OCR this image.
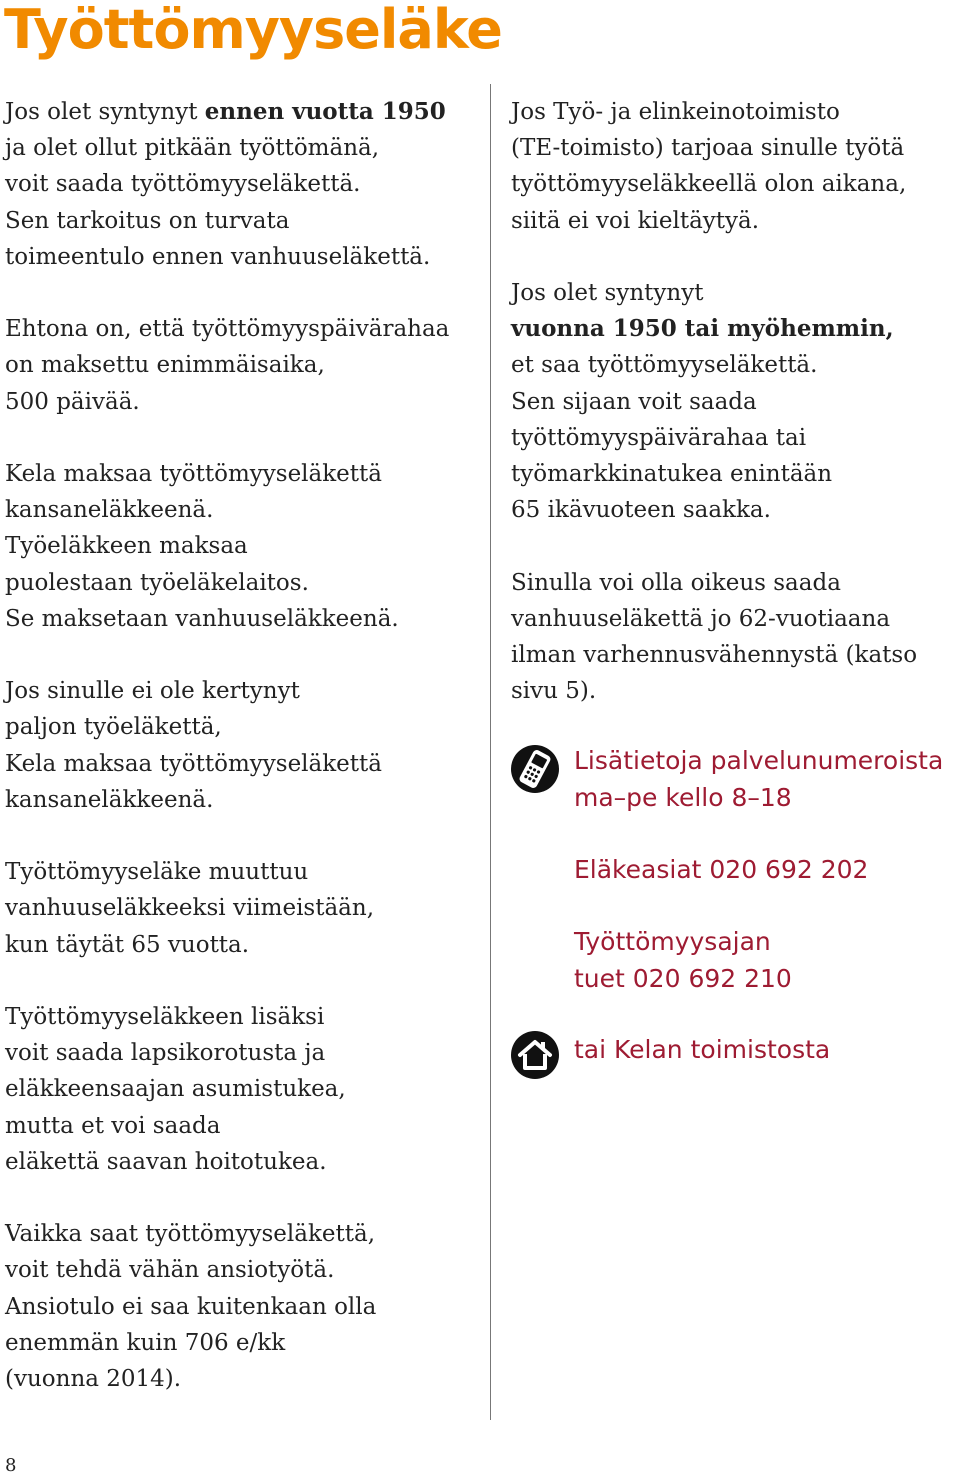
Työttömyyseläke

Jos olet syntynyt ennen vuotta 1950
ja olet ollut pitkään työttömänä,
voit saada työttömyyseläkettä.
Sen tarkoitus on turvata
toimeentulo ennen vanhuuseläkettä.

Ehtona on, että työttömyyspäivärahaa
on maksettu enimmäisaika,
500 päivää.

Kela maksaa työttömyyseläkettä
kansaneläkkeenä.
Työeläkkeen maksaa
puolestaan työeläkelaitos.
Se maksetaan vanhuuseläkkeenä.

Jos sinulle ei ole kertynyt
paljon työeläkettä,
Kela maksaa työttömyyseläkettä
kansaneläkkeenä.

Työttömyyseläke muuttuu
vanhuuseläkkeeksi viimeistään,
kun täytät 65 vuotta.

Työttömyyseläkkeen lisäksi
voit saada lapsikorotusta ja
eläkkeensaajan asumistukea,
mutta et voi saada
eläkettä saavan hoitotukea.

Vaikka saat työttömyyseläkettä,
voit tehdä vähän ansiotyötä.
Ansiotulo ei saa kuitenkaan olla
enemmän kuin 706 e/kk
(vuonna 2014).

Jos Työ- ja elinkeinotoimisto
(TE-toimisto) tarjoaa sinulle työtä
työttömyyseläkkeellä olon aikana,
siitä ei voi kieltäytyä.

Jos olet syntynyt
vuonna 1950 tai myöhemmin,
et saa työttömyyseläkettä.
Sen sijaan voit saada
työttömyyspäivärahaa tai
työmarkkinatukea enintään
65 ikävuoteen saakka.

Sinulla voi olla oikeus saada
vanhuuseläkettä jo 62-vuotiaana
ilman varhennusvähennystä (katso
sivu 5).

Lisätietoja palvelunumeroista
ma–pe kello 8–18
Eläkeasiat 020 692 202
Työttömyysajan
tuet 020 692 210
tai Kelan toimistosta
8
